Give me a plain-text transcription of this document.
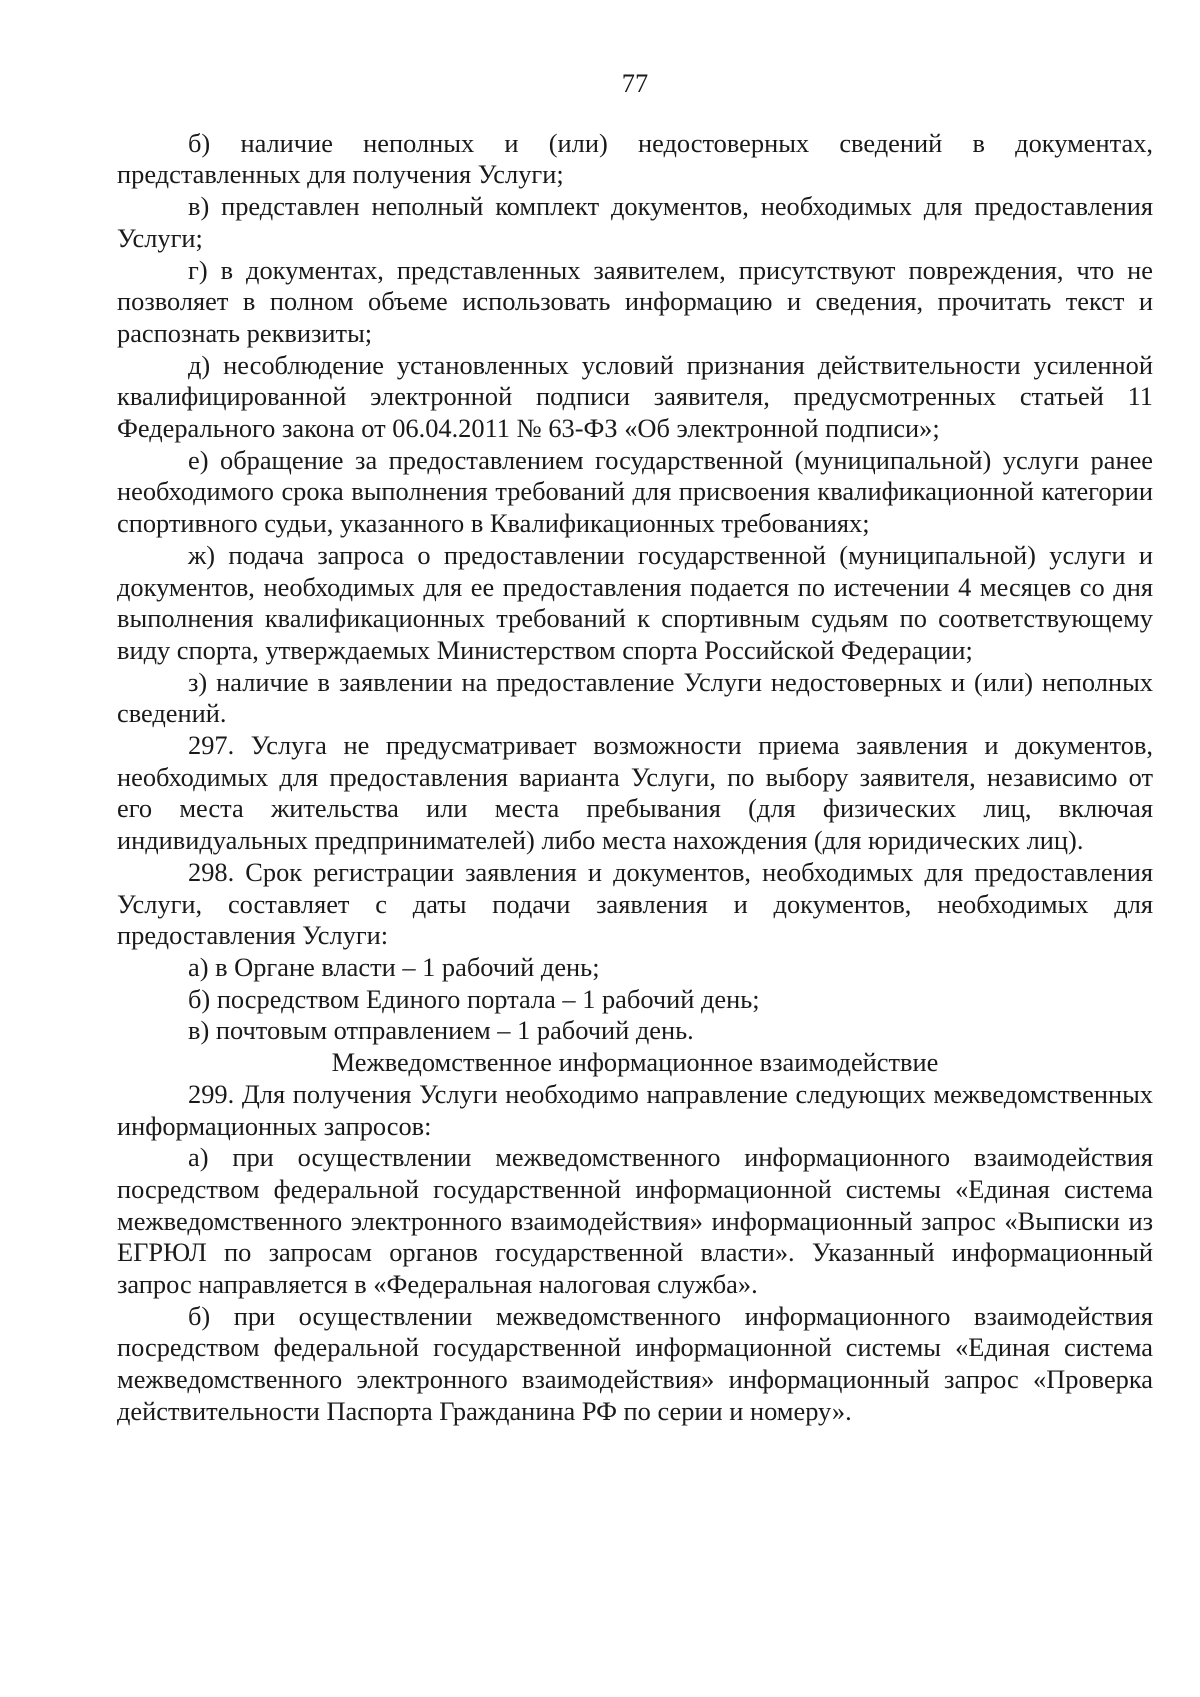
77

б) наличие неполных и (или) недостоверных сведений в документах, представленных для получения Услуги;

в) представлен неполный комплект документов, необходимых для предоставления Услуги;

г) в документах, представленных заявителем, присутствуют повреждения, что не позволяет в полном объеме использовать информацию и сведения, прочитать текст и распознать реквизиты;

д) несоблюдение установленных условий признания действительности усиленной квалифицированной электронной подписи заявителя, предусмотренных статьей 11 Федерального закона от 06.04.2011 № 63-ФЗ «Об электронной подписи»;

е) обращение за предоставлением государственной (муниципальной) услуги ранее необходимого срока выполнения требований для присвоения квалификационной категории спортивного судьи, указанного в Квалификационных требованиях;

ж) подача запроса о предоставлении государственной (муниципальной) услуги и документов, необходимых для ее предоставления подается по истечении 4 месяцев со дня выполнения квалификационных требований к спортивным судьям по соответствующему виду спорта, утверждаемых Министерством спорта Российской Федерации;

з) наличие в заявлении на предоставление Услуги недостоверных и (или) неполных сведений.

297. Услуга не предусматривает возможности приема заявления и документов, необходимых для предоставления варианта Услуги, по выбору заявителя, независимо от его места жительства или места пребывания (для физических лиц, включая индивидуальных предпринимателей) либо места нахождения (для юридических лиц).

298. Срок регистрации заявления и документов, необходимых для предоставления Услуги, составляет с даты подачи заявления и документов, необходимых для предоставления Услуги:

а) в Органе власти – 1 рабочий день;

б) посредством Единого портала – 1 рабочий день;

в) почтовым отправлением – 1 рабочий день.

Межведомственное информационное взаимодействие

299. Для получения Услуги необходимо направление следующих межведомственных информационных запросов:

а) при осуществлении межведомственного информационного взаимодействия посредством федеральной государственной информационной системы «Единая система межведомственного электронного взаимодействия» информационный запрос «Выписки из ЕГРЮЛ по запросам органов государственной власти». Указанный информационный запрос направляется в «Федеральная налоговая служба».

б) при осуществлении межведомственного информационного взаимодействия посредством федеральной государственной информационной системы «Единая система межведомственного электронного взаимодействия» информационный запрос «Проверка действительности Паспорта Гражданина РФ по серии и номеру».
